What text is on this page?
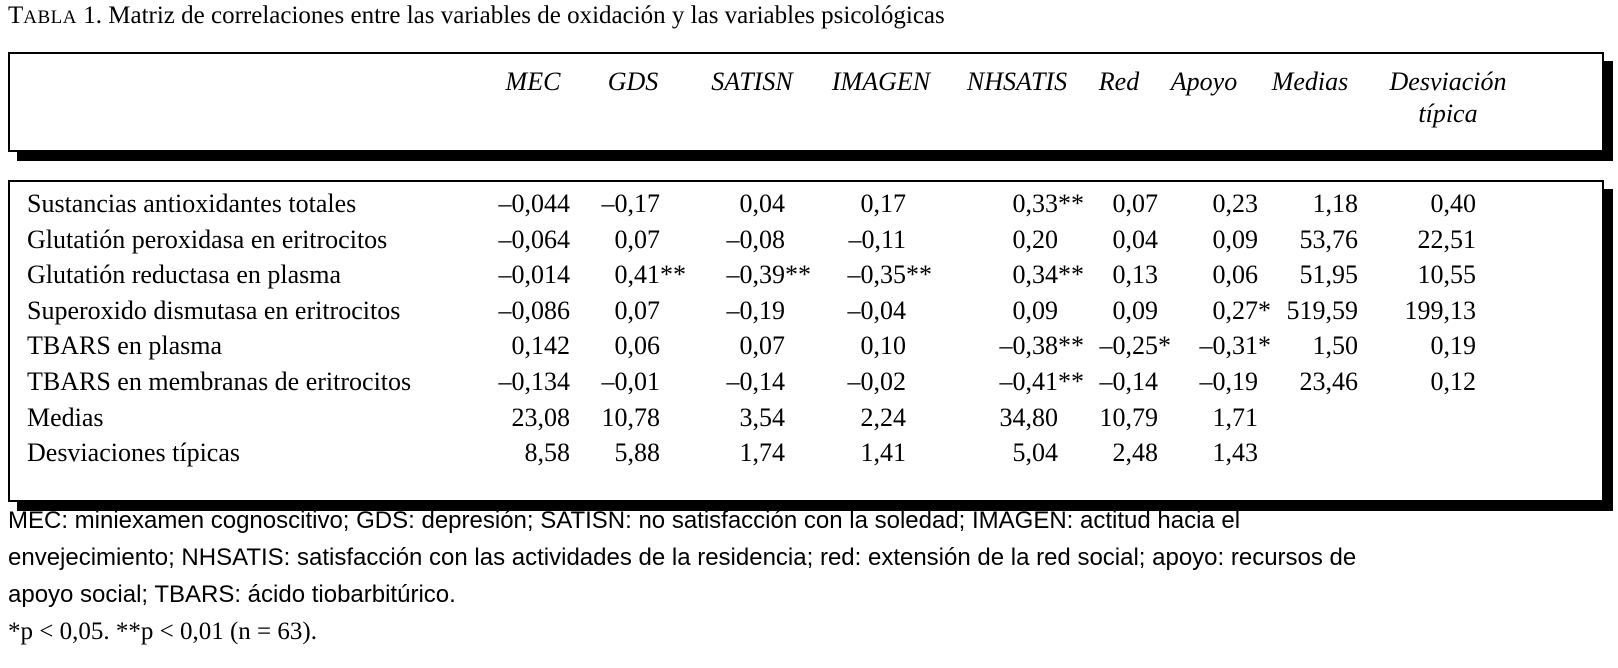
TABLA 1. Matriz de correlaciones entre las variables de oxidación y las variables psicológicas
MEC	GDS	SATISN	IMAGEN	NHSATIS	Red	Apoyo	Medias	Desviación
típica
Sustancias antioxidantes totales	–0,044 –0,17	0,04	0,17	0,33** 0,07 0,23 1,18	0,40
Glutatión peroxidasa en eritrocitos	–0,064 0,07	–0,08 –0,11	0,20 0,04 0,09 53,76 22,51
Glutatión reductasa en plasma	–0,014 0,41** –0,39** –0,35**	0,34** 0,13 0,06 51,95 10,55
Superoxido dismutasa en eritrocitos	–0,086 0,07	–0,19 –0,04	0,09 0,09 0,27* 519,59 199,13
TBARS en plasma	0,142 0,06	0,07	0,10	–0,38** –0,25* –0,31* 1,50	0,19
TBARS en membranas de eritrocitos	–0,134 –0,01	–0,14 –0,02	–0,41** –0,14 –0,19 23,46	0,12
Medias	23,08 10,78	3,54	2,24	34,80 10,79 1,71
Desviaciones típicas	8,58 5,88	1,74	1,41	5,04 2,48 1,43
MEC: miniexamen cognoscitivo; GDS: depresión; SATISN: no satisfacción con la soledad; IMAGEN: actitud hacia el
envejecimiento; NHSATIS: satisfacción con las actividades de la residencia; red: extensión de la red social; apoyo: recursos de
apoyo social; TBARS: ácido tiobarbitúrico.
*p < 0,05. **p < 0,01 (n = 63).
